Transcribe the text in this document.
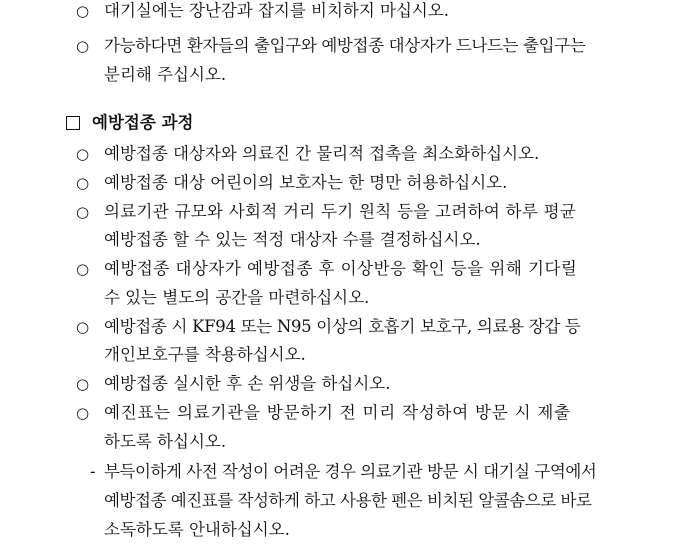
○ 대기실에는 장난감과 잡지를 비치하지 마십시오.
○ 가능하다면 환자들의 출입구와 예방접종 대상자가 드나드는 출입구는
분리해 주십시오.
예방접종 과정
○ 예방접종 대상자와 의료진 간 물리적 접촉을 최소화하십시오.
○ 예방접종 대상 어린이의 보호자는 한 명만 허용하십시오.
○ 의료기관 규모와 사회적 거리 두기 원칙 등을 고려하여 하루 평균
예방접종 할 수 있는 적정 대상자 수를 결정하십시오.
○ 예방접종 대상자가 예방접종 후 이상반응 확인 등을 위해 기다릴
수 있는 별도의 공간을 마련하십시오.
○ 예방접종 시 KF94 또는 N95 이상의 호흡기 보호구, 의료용 장갑 등
개인보호구를 착용하십시오.
○ 예방접종 실시한 후 손 위생을 하십시오.
○ 예진표는 의료기관을 방문하기 전 미리 작성하여 방문 시 제출
하도록 하십시오.
- 부득이하게 사전 작성이 어려운 경우 의료기관 방문 시 대기실 구역에서
예방접종 예진표를 작성하게 하고 사용한 펜은 비치된 알콜솜으로 바로
소독하도록 안내하십시오.
